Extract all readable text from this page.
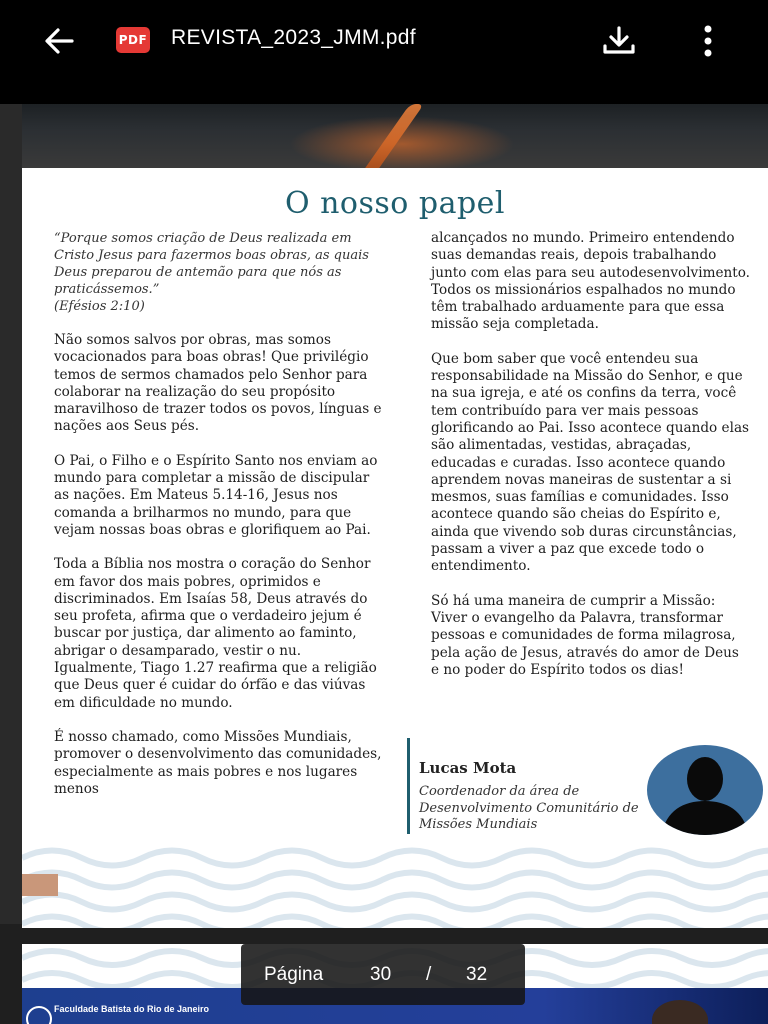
PDF REVISTA_2023_JMM.pdf
O nosso papel

“Porque somos criação de Deus realizada em Cristo Jesus para fazermos boas obras, as quais Deus preparou de antemão para que nós as praticássemos.”
(Efésios 2:10)

Não somos salvos por obras, mas somos vocacionados para boas obras! Que privilégio temos de sermos chamados pelo Senhor para colaborar na realização do seu propósito maravilhoso de trazer todos os povos, línguas e nações aos Seus pés.

O Pai, o Filho e o Espírito Santo nos enviam ao mundo para completar a missão de discipular as nações. Em Mateus 5.14-16, Jesus nos comanda a brilharmos no mundo, para que vejam nossas boas obras e glorifiquem ao Pai.

Toda a Bíblia nos mostra o coração do Senhor em favor dos mais pobres, oprimidos e discriminados. Em Isaías 58, Deus através do seu profeta, afirma que o verdadeiro jejum é buscar por justiça, dar alimento ao faminto, abrigar o desamparado, vestir o nu. Igualmente, Tiago 1.27 reafirma que a religião que Deus quer é cuidar do órfão e das viúvas em dificuldade no mundo.

É nosso chamado, como Missões Mundiais, promover o desenvolvimento das comunidades, especialmente as mais pobres e nos lugares menos

alcançados no mundo. Primeiro entendendo suas demandas reais, depois trabalhando junto com elas para seu autodesenvolvimento. Todos os missionários espalhados no mundo têm trabalhado arduamente para que essa missão seja completada.

Que bom saber que você entendeu sua responsabilidade na Missão do Senhor, e que na sua igreja, e até os confins da terra, você tem contribuído para ver mais pessoas glorificando ao Pai. Isso acontece quando elas são alimentadas, vestidas, abraçadas, educadas e curadas. Isso acontece quando aprendem novas maneiras de sustentar a si mesmos, suas famílias e comunidades. Isso acontece quando são cheias do Espírito e, ainda que vivendo sob duras circunstâncias, passam a viver a paz que excede todo o entendimento.

Só há uma maneira de cumprir a Missão: Viver o evangelho da Palavra, transformar pessoas e comunidades de forma milagrosa, pela ação de Jesus, através do amor de Deus e no poder do Espírito todos os dias!

Lucas Mota
Coordenador da área de Desenvolvimento Comunitário de Missões Mundiais
Faculdade Batista do Rio de Janeiro
Página 30 / 32
